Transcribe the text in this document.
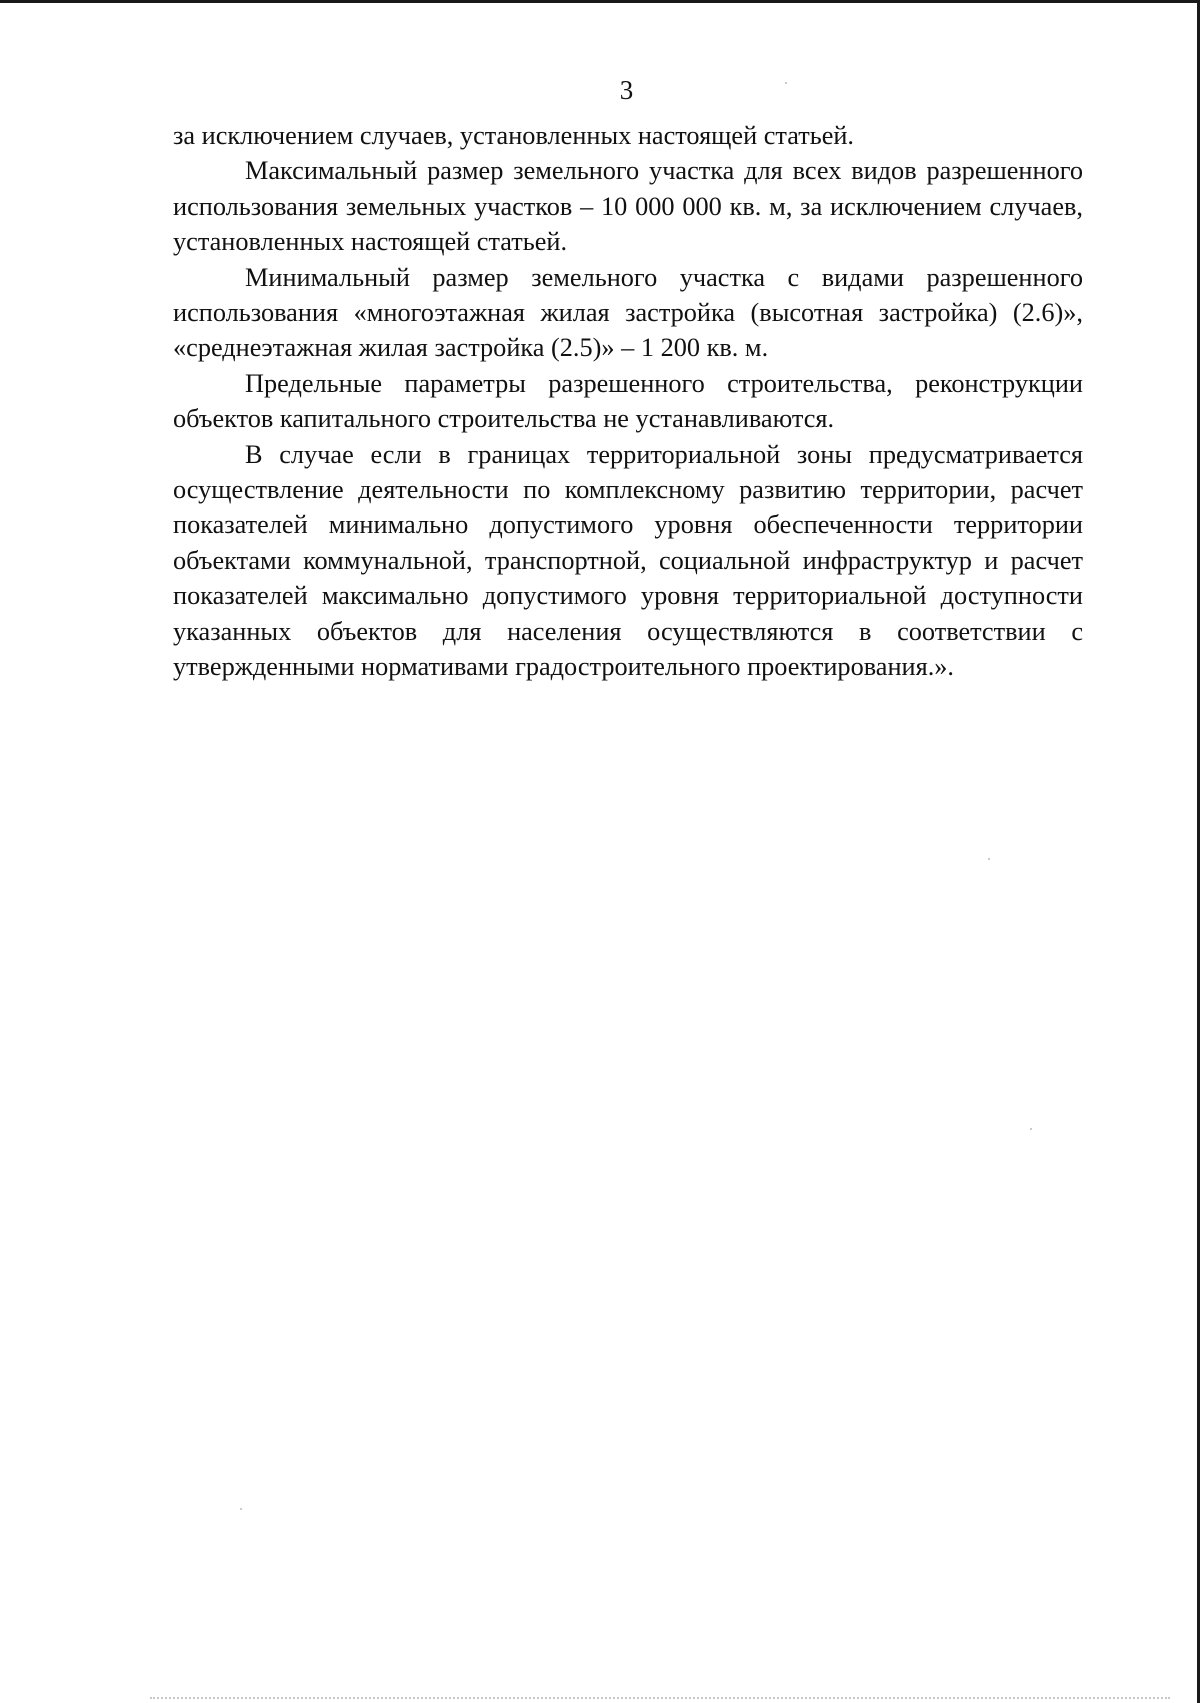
3

за исключением случаев, установленных настоящей статьей.

Максимальный размер земельного участка для всех видов разрешенного использования земельных участков – 10 000 000 кв. м, за исключением случаев, установленных настоящей статьей.

Минимальный размер земельного участка с видами разрешенного использования «многоэтажная жилая застройка (высотная застройка) (2.6)», «среднеэтажная жилая застройка (2.5)» – 1 200 кв. м.

Предельные параметры разрешенного строительства, реконструкции объектов капитального строительства не устанавливаются.

В случае если в границах территориальной зоны предусматривается осуществление деятельности по комплексному развитию территории, расчет показателей минимально допустимого уровня обеспеченности территории объектами коммунальной, транспортной, социальной инфраструктур и расчет показателей максимально допустимого уровня территориальной доступности указанных объектов для населения осуществляются в соответствии с утвержденными нормативами градостроительного проектирования.».
